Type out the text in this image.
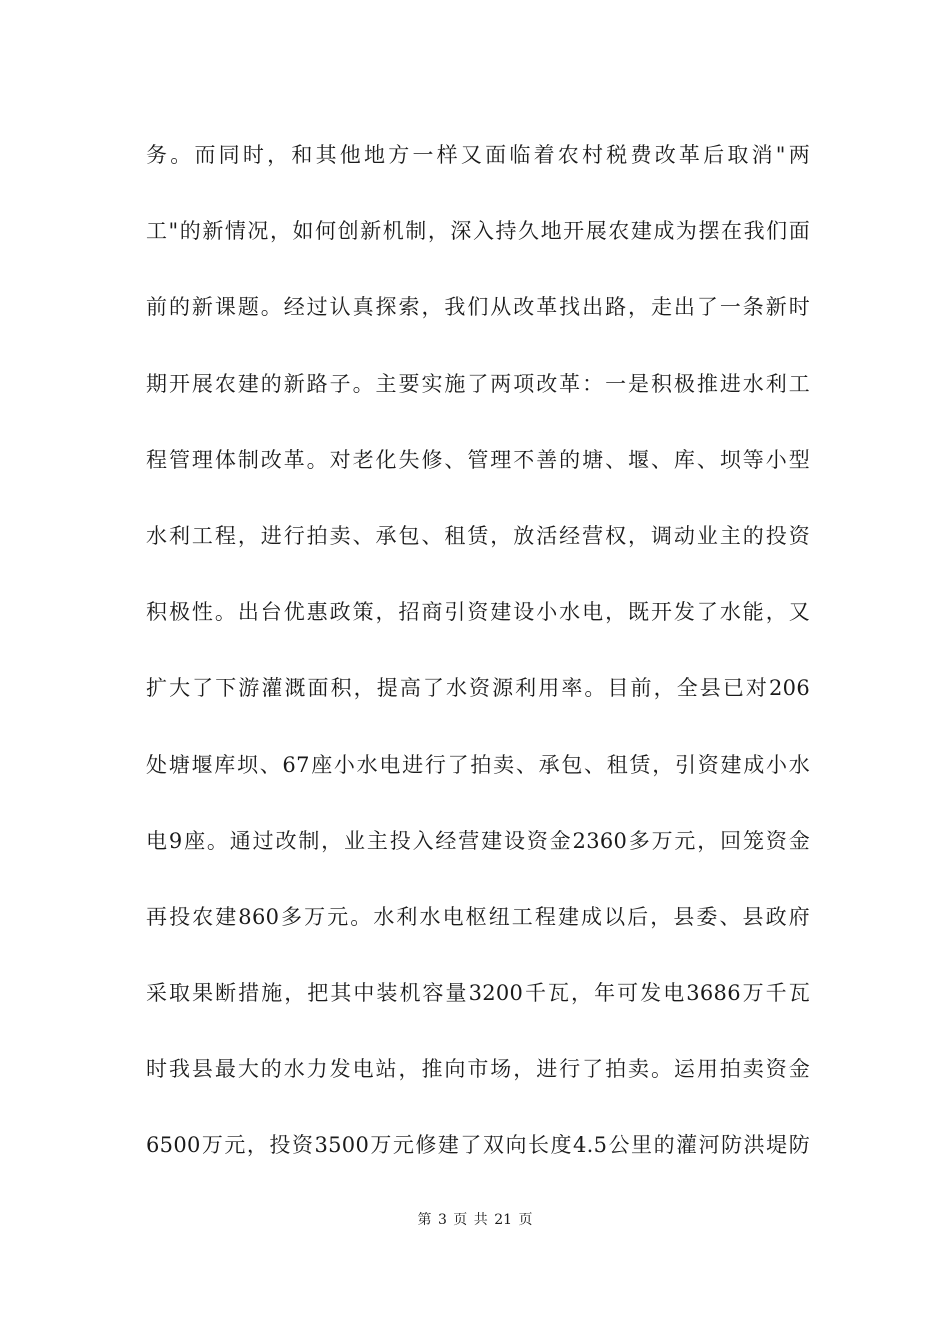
务。而同时，和其他地方一样又面临着农村税费改革后取消"两
工"的新情况，如何创新机制，深入持久地开展农建成为摆在我们面
前的新课题。经过认真探索，我们从改革找出路，走出了一条新时
期开展农建的新路子。主要实施了两项改革：一是积极推进水利工
程管理体制改革。对老化失修、管理不善的塘、堰、库、坝等小型
水利工程，进行拍卖、承包、租赁，放活经营权，调动业主的投资
积极性。出台优惠政策，招商引资建设小水电，既开发了水能，又
扩大了下游灌溉面积，提高了水资源利用率。目前，全县已对206
处塘堰库坝、67座小水电进行了拍卖、承包、租赁，引资建成小水
电9座。通过改制，业主投入经营建设资金2360多万元，回笼资金
再投农建860多万元。水利水电枢纽工程建成以后，县委、县政府
采取果断措施，把其中装机容量3200千瓦，年可发电3686万千瓦
时我县最大的水力发电站，推向市场，进行了拍卖。运用拍卖资金
6500万元，投资3500万元修建了双向长度4.5公里的灌河防洪堤防
第 3 页 共 21 页
